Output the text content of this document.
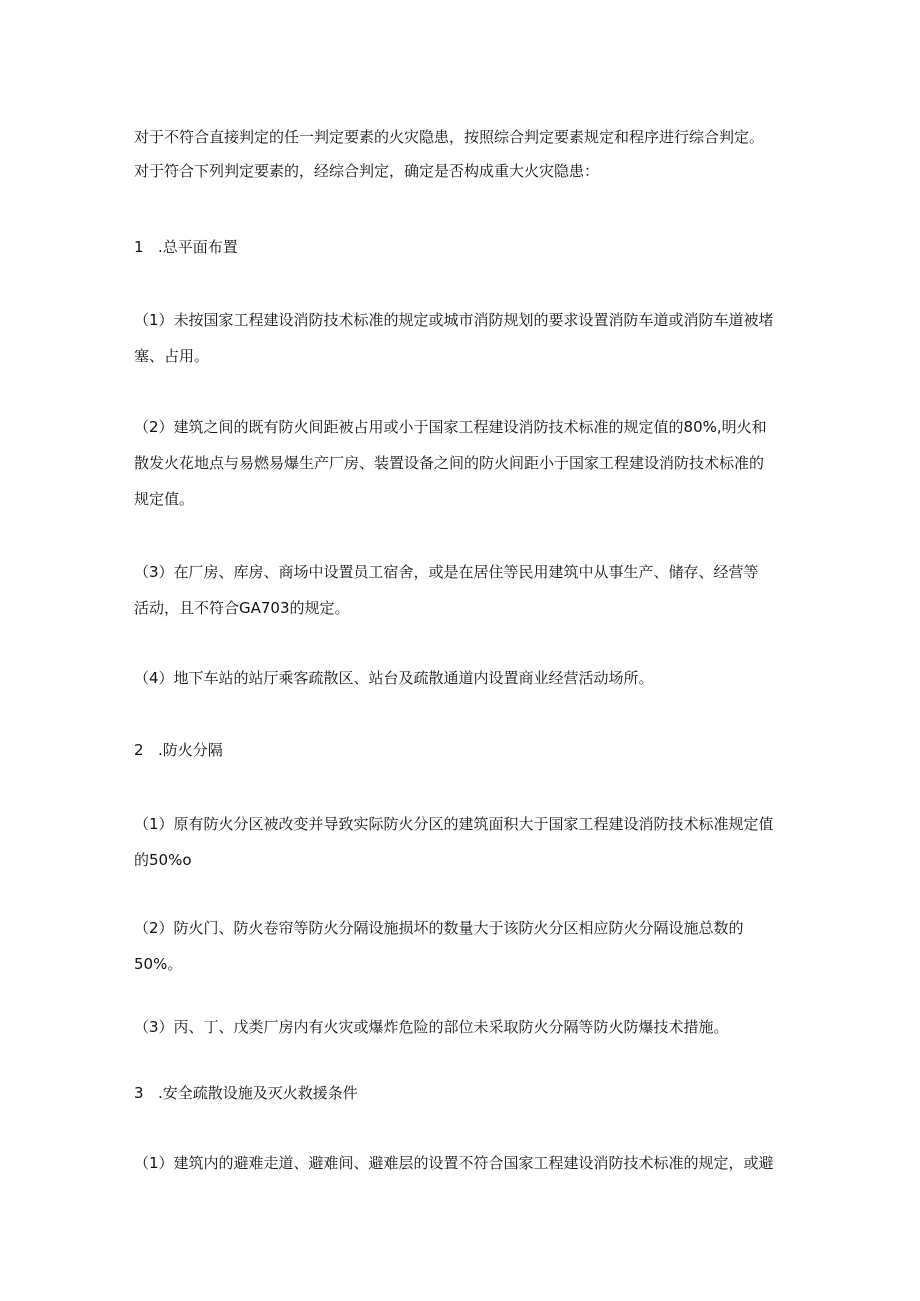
对于不符合直接判定的任一判定要素的火灾隐患，按照综合判定要素规定和程序进行综合判定。
对于符合下列判定要素的，经综合判定，确定是否构成重大火灾隐患：
1 .总平面布置
（1）未按国家工程建设消防技术标准的规定或城市消防规划的要求设置消防车道或消防车道被堵
塞、占用。
（2）建筑之间的既有防火间距被占用或小于国家工程建设消防技术标准的规定值的80%,明火和
散发火花地点与易燃易爆生产厂房、装置设备之间的防火间距小于国家工程建设消防技术标准的
规定值。
（3）在厂房、库房、商场中设置员工宿舍，或是在居住等民用建筑中从事生产、储存、经营等
活动，且不符合GA703的规定。
（4）地下车站的站厅乘客疏散区、站台及疏散通道内设置商业经营活动场所。
2 .防火分隔
（1）原有防火分区被改变并导致实际防火分区的建筑面积大于国家工程建设消防技术标准规定值
的50%o
（2）防火门、防火卷帘等防火分隔设施损坏的数量大于该防火分区相应防火分隔设施总数的
50%。
（3）丙、丁、戊类厂房内有火灾或爆炸危险的部位未采取防火分隔等防火防爆技术措施。
3 .安全疏散设施及灭火救援条件
（1）建筑内的避难走道、避难间、避难层的设置不符合国家工程建设消防技术标准的规定，或避
